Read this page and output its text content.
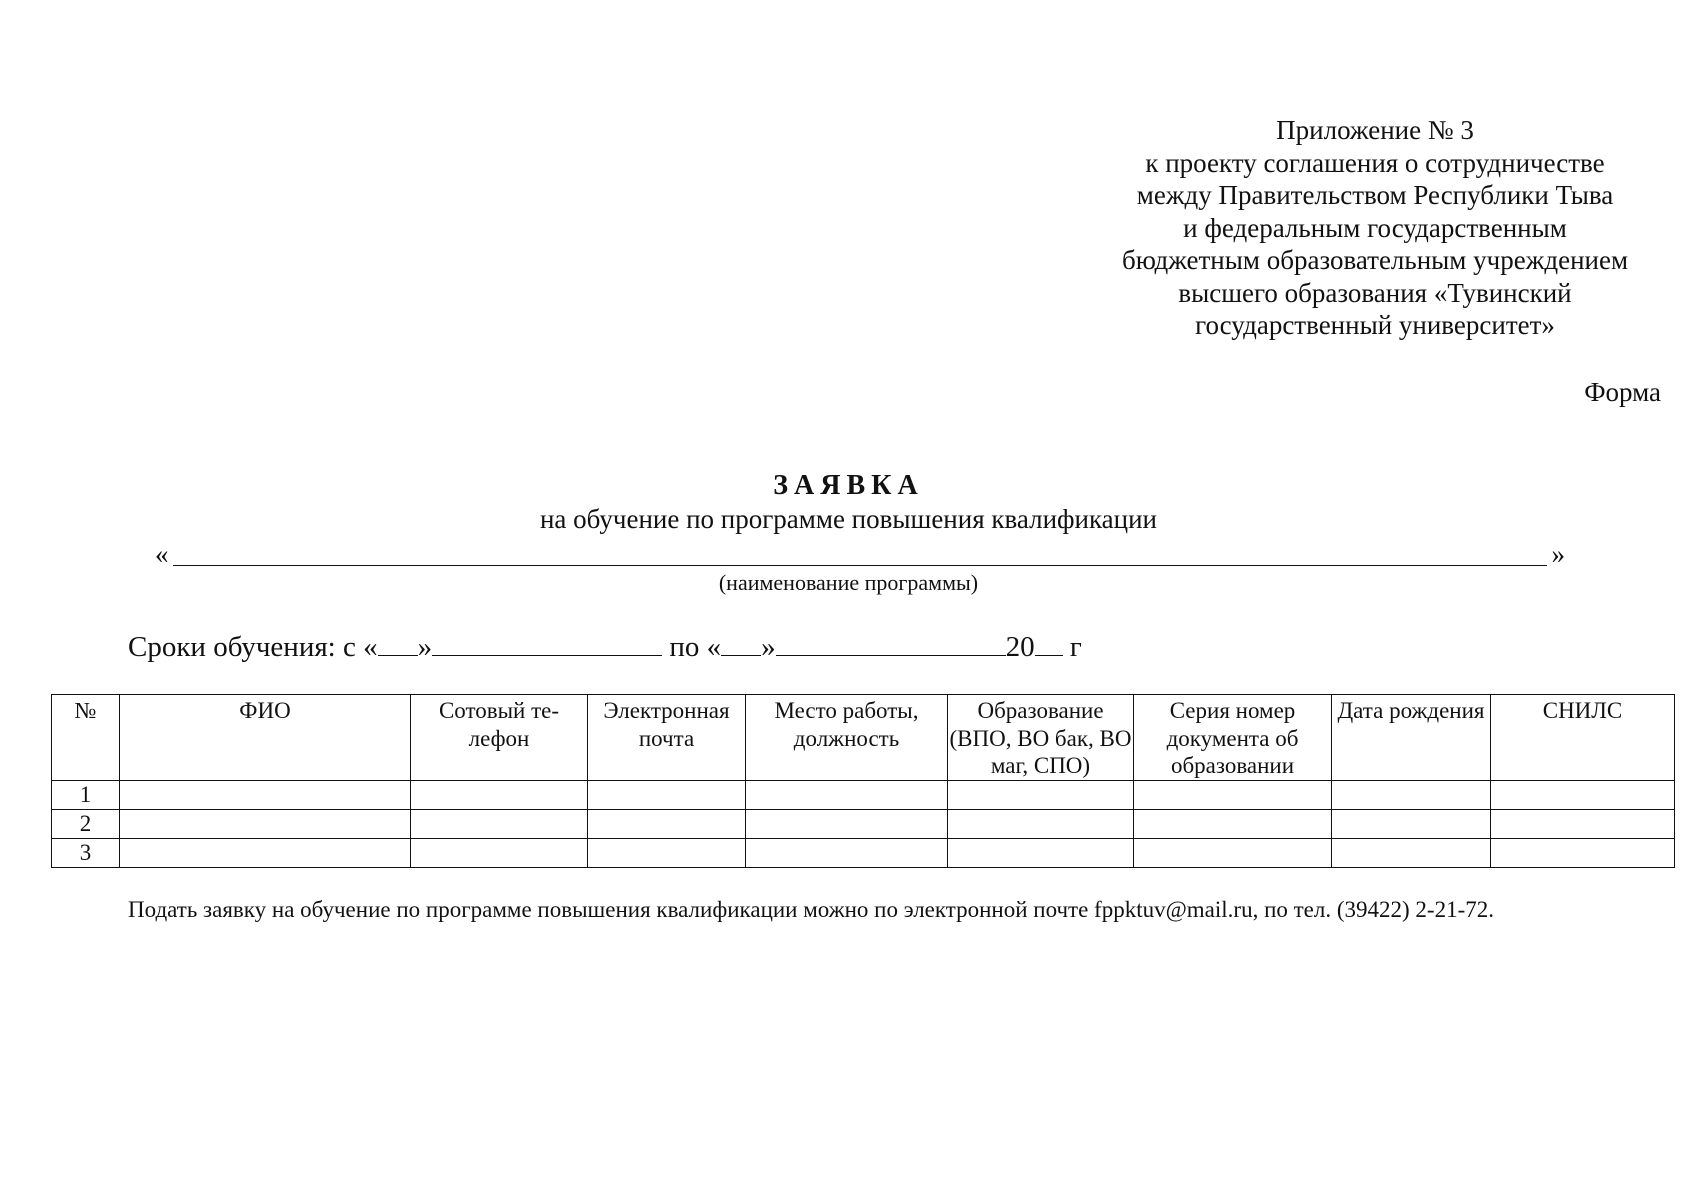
Приложение № 3
к проекту соглашения о сотрудничестве
между Правительством Республики Тыва
и федеральным государственным
бюджетным образовательным учреждением
высшего образования «Тувинский
государственный университет»
Форма
ЗАЯВКА
на обучение по программе повышения квалификации
«	»
(наименование программы)
Сроки обучения: с « »	по « »	20 г
№	ФИО	Сотовый те-лефон	Электронная почта	Место работы, должность	Образование (ВПО, ВО бак, ВО маг, СПО)	Серия номер документа об образовании	Дата рождения	СНИЛС
1								
2								
3								
Подать заявку на обучение по программе повышения квалификации можно по электронной почте fppktuv@mail.ru, по тел. (39422) 2-21-72.
